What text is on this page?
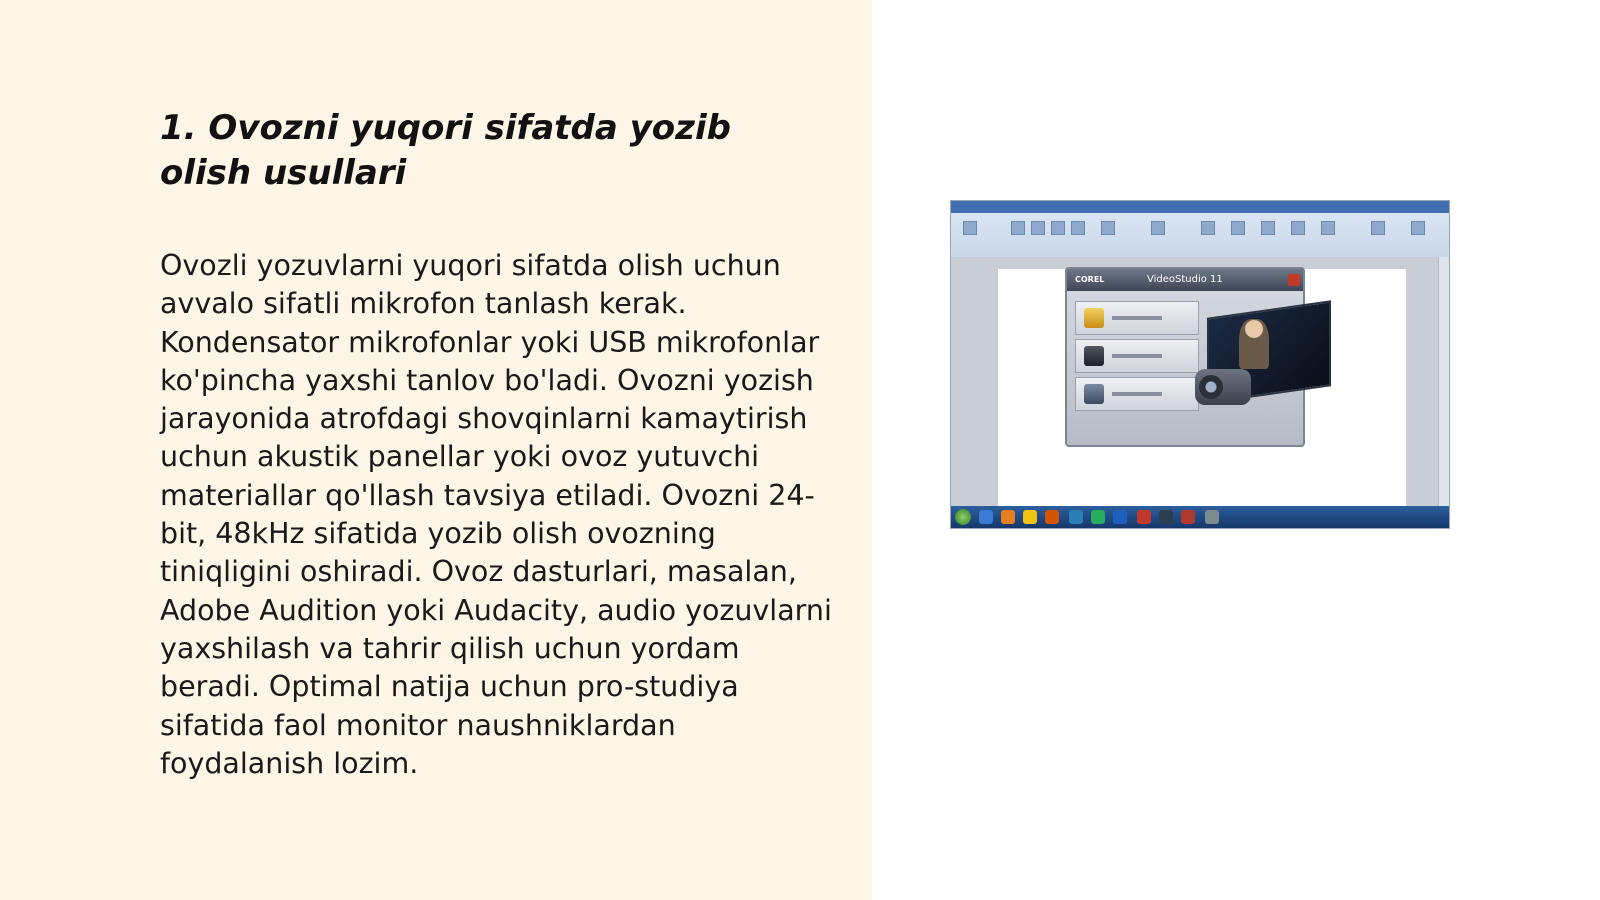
1. Ovozni yuqori sifatda yozib olish usullari

Ovozli yozuvlarni yuqori sifatda olish uchun avvalo sifatli mikrofon tanlash kerak. Kondensator mikrofonlar yoki USB mikrofonlar ko'pincha yaxshi tanlov bo'ladi. Ovozni yozish jarayonida atrofdagi shovqinlarni kamaytirish uchun akustik panellar yoki ovoz yutuvchi materiallar qo'llash tavsiya etiladi. Ovozni 24-bit, 48kHz sifatida yozib olish ovozning tiniqligini oshiradi. Ovoz dasturlari, masalan, Adobe Audition yoki Audacity, audio yozuvlarni yaxshilash va tahrir qilish uchun yordam beradi. Optimal natija uchun pro-studiya sifatida faol monitor naushniklardan foydalanish lozim.

COREL	VideoStudio 11
